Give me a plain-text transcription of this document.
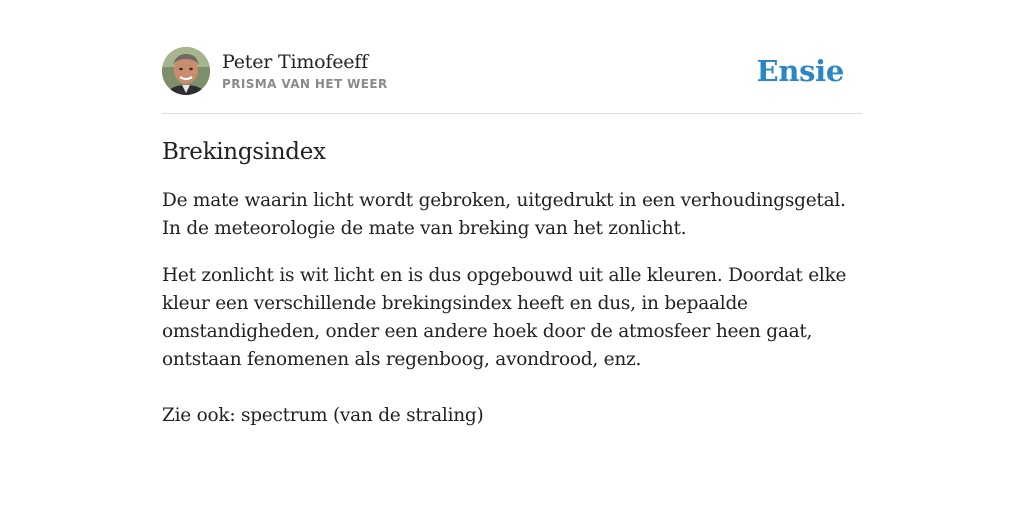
Peter Timofeeff
PRISMA VAN HET WEER	Ensie
Brekingsindex

De mate waarin licht wordt gebroken, uitgedrukt in een verhoudingsgetal. In de meteorologie de mate van breking van het zonlicht.

Het zonlicht is wit licht en is dus opgebouwd uit alle kleuren. Doordat elke kleur een verschillende brekingsindex heeft en dus, in bepaalde omstandigheden, onder een andere hoek door de atmosfeer heen gaat, ontstaan fenomenen als regenboog, avondrood, enz.

Zie ook: spectrum (van de straling)
